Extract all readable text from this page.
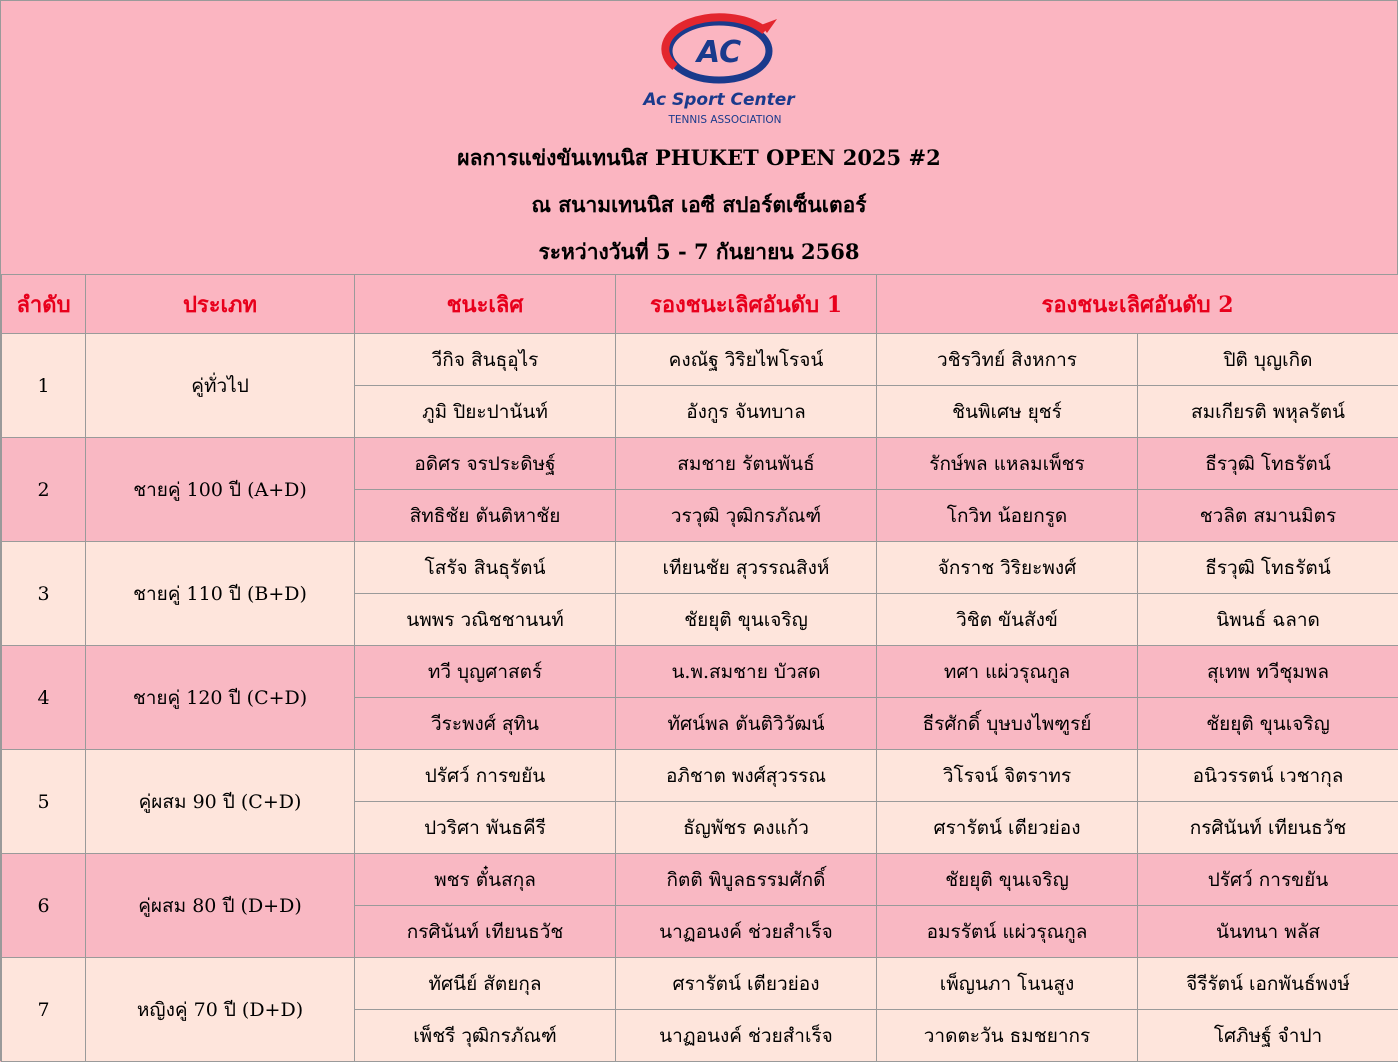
AC
Ac Sport Center
TENNIS ASSOCIATION
ผลการแข่งขันเทนนิส PHUKET OPEN 2025 #2
ณ สนามเทนนิส เอซี สปอร์ตเซ็นเตอร์
ระหว่างวันที่ 5 - 7 กันยายน 2568
ลำดับ	ประเภท	ชนะเลิศ	รองชนะเลิศอันดับ 1	รองชนะเลิศอันดับ 2	
1	คู่ทั่วไป	วีกิจ สินธุอุไร	คงณัฐ วิริยไพโรจน์	วชิรวิทย์ สิงหการ	ปิติ บุญเกิด
		ภูมิ ปิยะปานันท์	อังกูร จันทบาล	ชินพิเศษ ยุชร์	สมเกียรติ พหุลรัตน์
2	ชายคู่ 100 ปี (A+D)	อดิศร จรประดิษฐ์	สมชาย รัตนพันธ์	รักษ์พล แหลมเพ็ชร	ธีรวุฒิ โทธรัตน์
		สิทธิชัย ตันติหาชัย	วรวุฒิ วุฒิกรภัณฑ์	โกวิท น้อยกรูด	ชวลิต สมานมิตร
3	ชายคู่ 110 ปี (B+D)	โสรัจ สินธุรัตน์	เทียนชัย สุวรรณสิงห์	จักราช วิริยะพงศ์	ธีรวุฒิ โทธรัตน์
		นพพร วณิชชานนท์	ชัยยุติ ขุนเจริญ	วิชิต ขันสังข์	นิพนธ์ ฉลาด
4	ชายคู่ 120 ปี (C+D)	ทวี บุญศาสตร์	น.พ.สมชาย บัวสด	ทศา แผ่วรุณกูล	สุเทพ ทวีชุมพล
		วีระพงศ์ สุทิน	ทัศน์พล ตันติวิวัฒน์	ธีรศักดิ์ บุษบงไพฑูรย์	ชัยยุติ ขุนเจริญ
5	คู่ผสม 90 ปี (C+D)	ปรัศว์ การขยัน	อภิชาต พงศ์สุวรรณ	วิโรจน์ จิตราทร	อนิวรรตน์ เวชากุล
		ปวริศา พันธคีรี	ธัญพัชร คงแก้ว	ศรารัตน์ เตียวย่อง	กรศินันท์ เทียนธวัช
6	คู่ผสม 80 ปี (D+D)	พชร ตั๋นสกุล	กิตติ พิบูลธรรมศักดิ์	ชัยยุติ ขุนเจริญ	ปรัศว์ การขยัน
		กรศินันท์ เทียนธวัช	นาฏอนงค์ ช่วยสำเร็จ	อมรรัตน์ แผ่วรุณกูล	นันทนา พลัส
7	หญิงคู่ 70 ปี (D+D)	ทัศนีย์ สัตยกุล	ศรารัตน์ เตียวย่อง	เพ็ญนภา โนนสูง	จีรีรัตน์ เอกพันธ์พงษ์
		เพ็ชรี วุฒิกรภัณฑ์	นาฏอนงค์ ช่วยสำเร็จ	วาดตะวัน ธมชยากร	โศภิษฐ์ จำปา
